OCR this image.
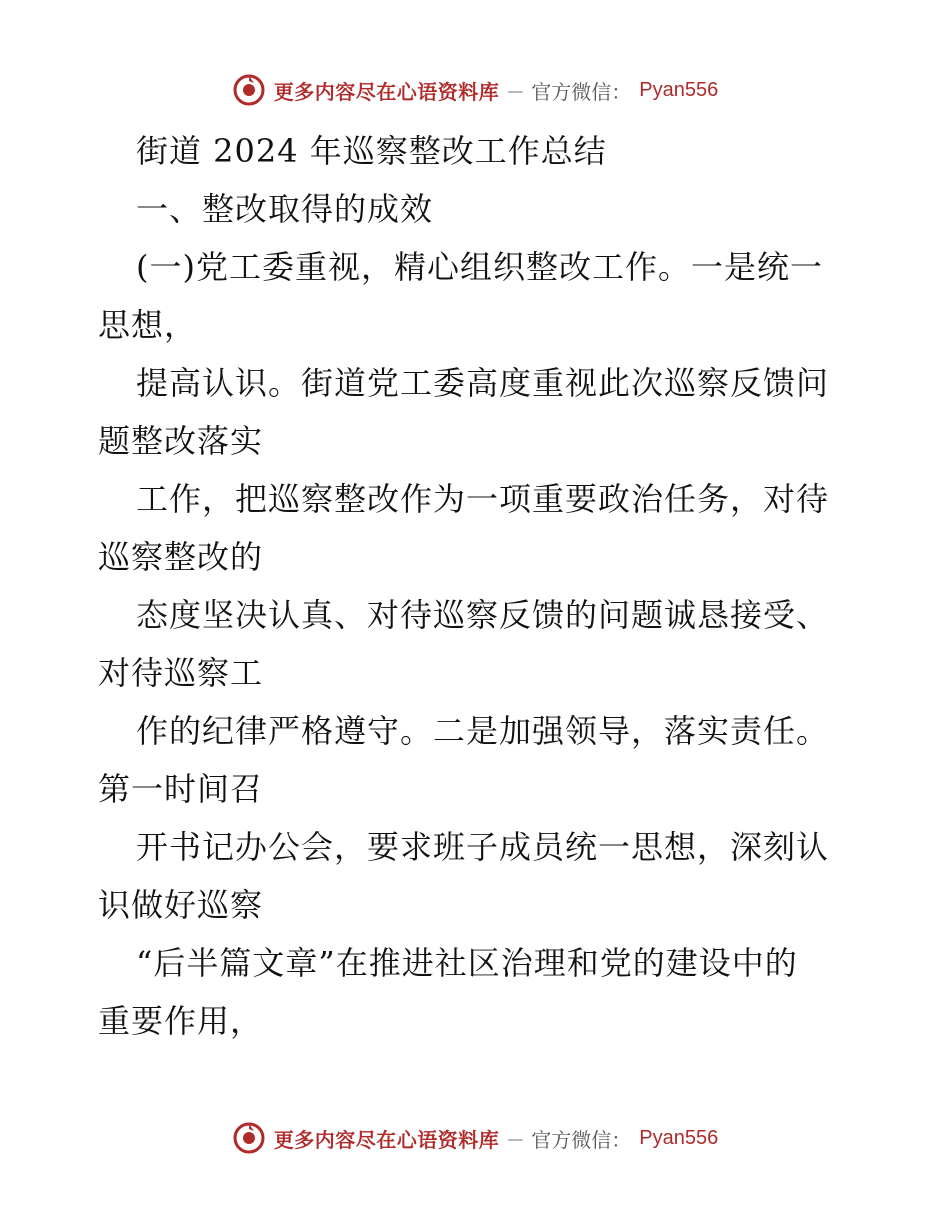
更多内容尽在心语资料库 — 官方微信： Pyan556
街道 2024 年巡察整改工作总结
一、整改取得的成效
(一)党工委重视，精心组织整改工作。一是统一
思想，
提高认识。街道党工委高度重视此次巡察反馈问
题整改落实
工作，把巡察整改作为一项重要政治任务，对待
巡察整改的
态度坚决认真、对待巡察反馈的问题诚恳接受、
对待巡察工
作的纪律严格遵守。二是加强领导，落实责任。
第一时间召
开书记办公会，要求班子成员统一思想，深刻认
识做好巡察
“后半篇文章”在推进社区治理和党的建设中的
重要作用，
更多内容尽在心语资料库 — 官方微信： Pyan556
